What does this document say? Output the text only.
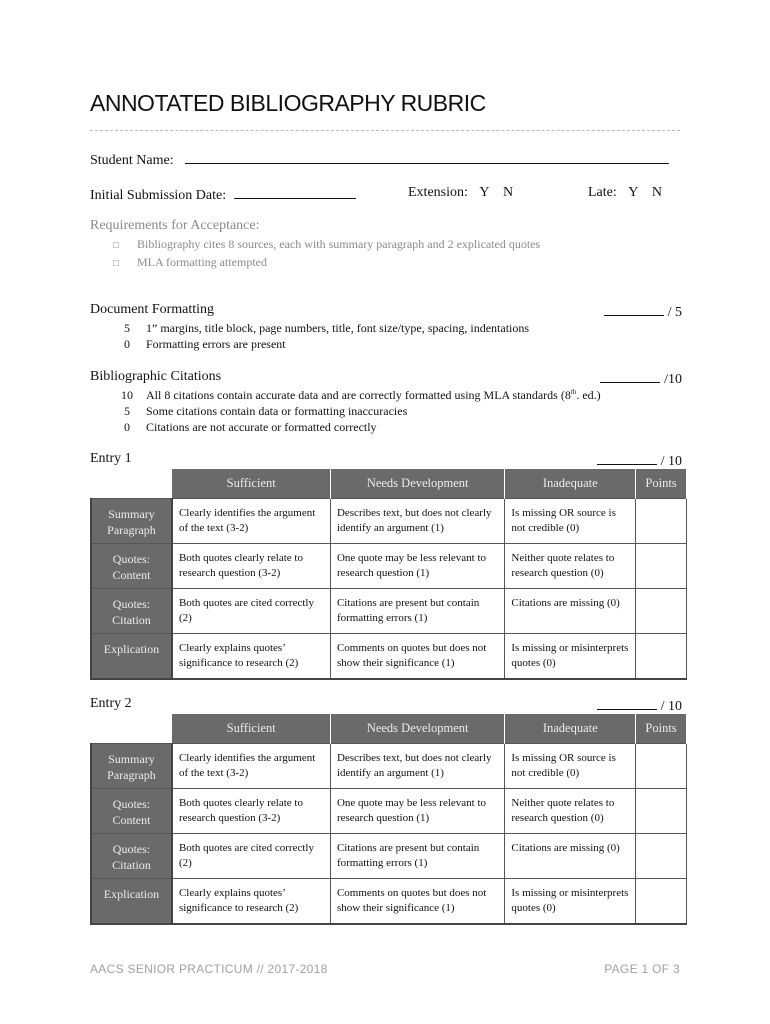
ANNOTATED BIBLIOGRAPHY RUBRIC
Student Name:
Initial Submission Date:	Extension: Y    N	Late: Y    N
Requirements for Acceptance:
□ Bibliography cites 8 sources, each with summary paragraph and 2 explicated quotes
□ MLA formatting attempted
Document Formatting	/ 5
5 1” margins, title block, page numbers, title, font size/type, spacing, indentations
0 Formatting errors are present
Bibliographic Citations	/10
10 All 8 citations contain accurate data and are correctly formatted using MLA standards (8th. ed.)
5 Some citations contain data or formatting inaccuracies
0 Citations are not accurate or formatted correctly
Entry 1	/ 10
	Sufficient	Needs Development	Inadequate	Points
Summary Paragraph	Clearly identifies the argument of the text (3-2)	Describes text, but does not clearly identify an argument (1)	Is missing OR source is not credible (0)	
Quotes: Content	Both quotes clearly relate to research question (3-2)	One quote may be less relevant to research question (1)	Neither quote relates to research question (0)	
Quotes: Citation	Both quotes are cited correctly (2)	Citations are present but contain formatting errors (1)	Citations are missing (0)	
Explication	Clearly explains quotes’ significance to research (2)	Comments on quotes but does not show their significance (1)	Is missing or misinterprets quotes (0)	
Entry 2	/ 10
	Sufficient	Needs Development	Inadequate	Points
Summary Paragraph	Clearly identifies the argument of the text (3-2)	Describes text, but does not clearly identify an argument (1)	Is missing OR source is not credible (0)	
Quotes: Content	Both quotes clearly relate to research question (3-2)	One quote may be less relevant to research question (1)	Neither quote relates to research question (0)	
Quotes: Citation	Both quotes are cited correctly (2)	Citations are present but contain formatting errors (1)	Citations are missing (0)	
Explication	Clearly explains quotes’ significance to research (2)	Comments on quotes but does not show their significance (1)	Is missing or misinterprets quotes (0)	
AACS SENIOR PRACTICUM // 2017-2018	PAGE 1 OF 3
